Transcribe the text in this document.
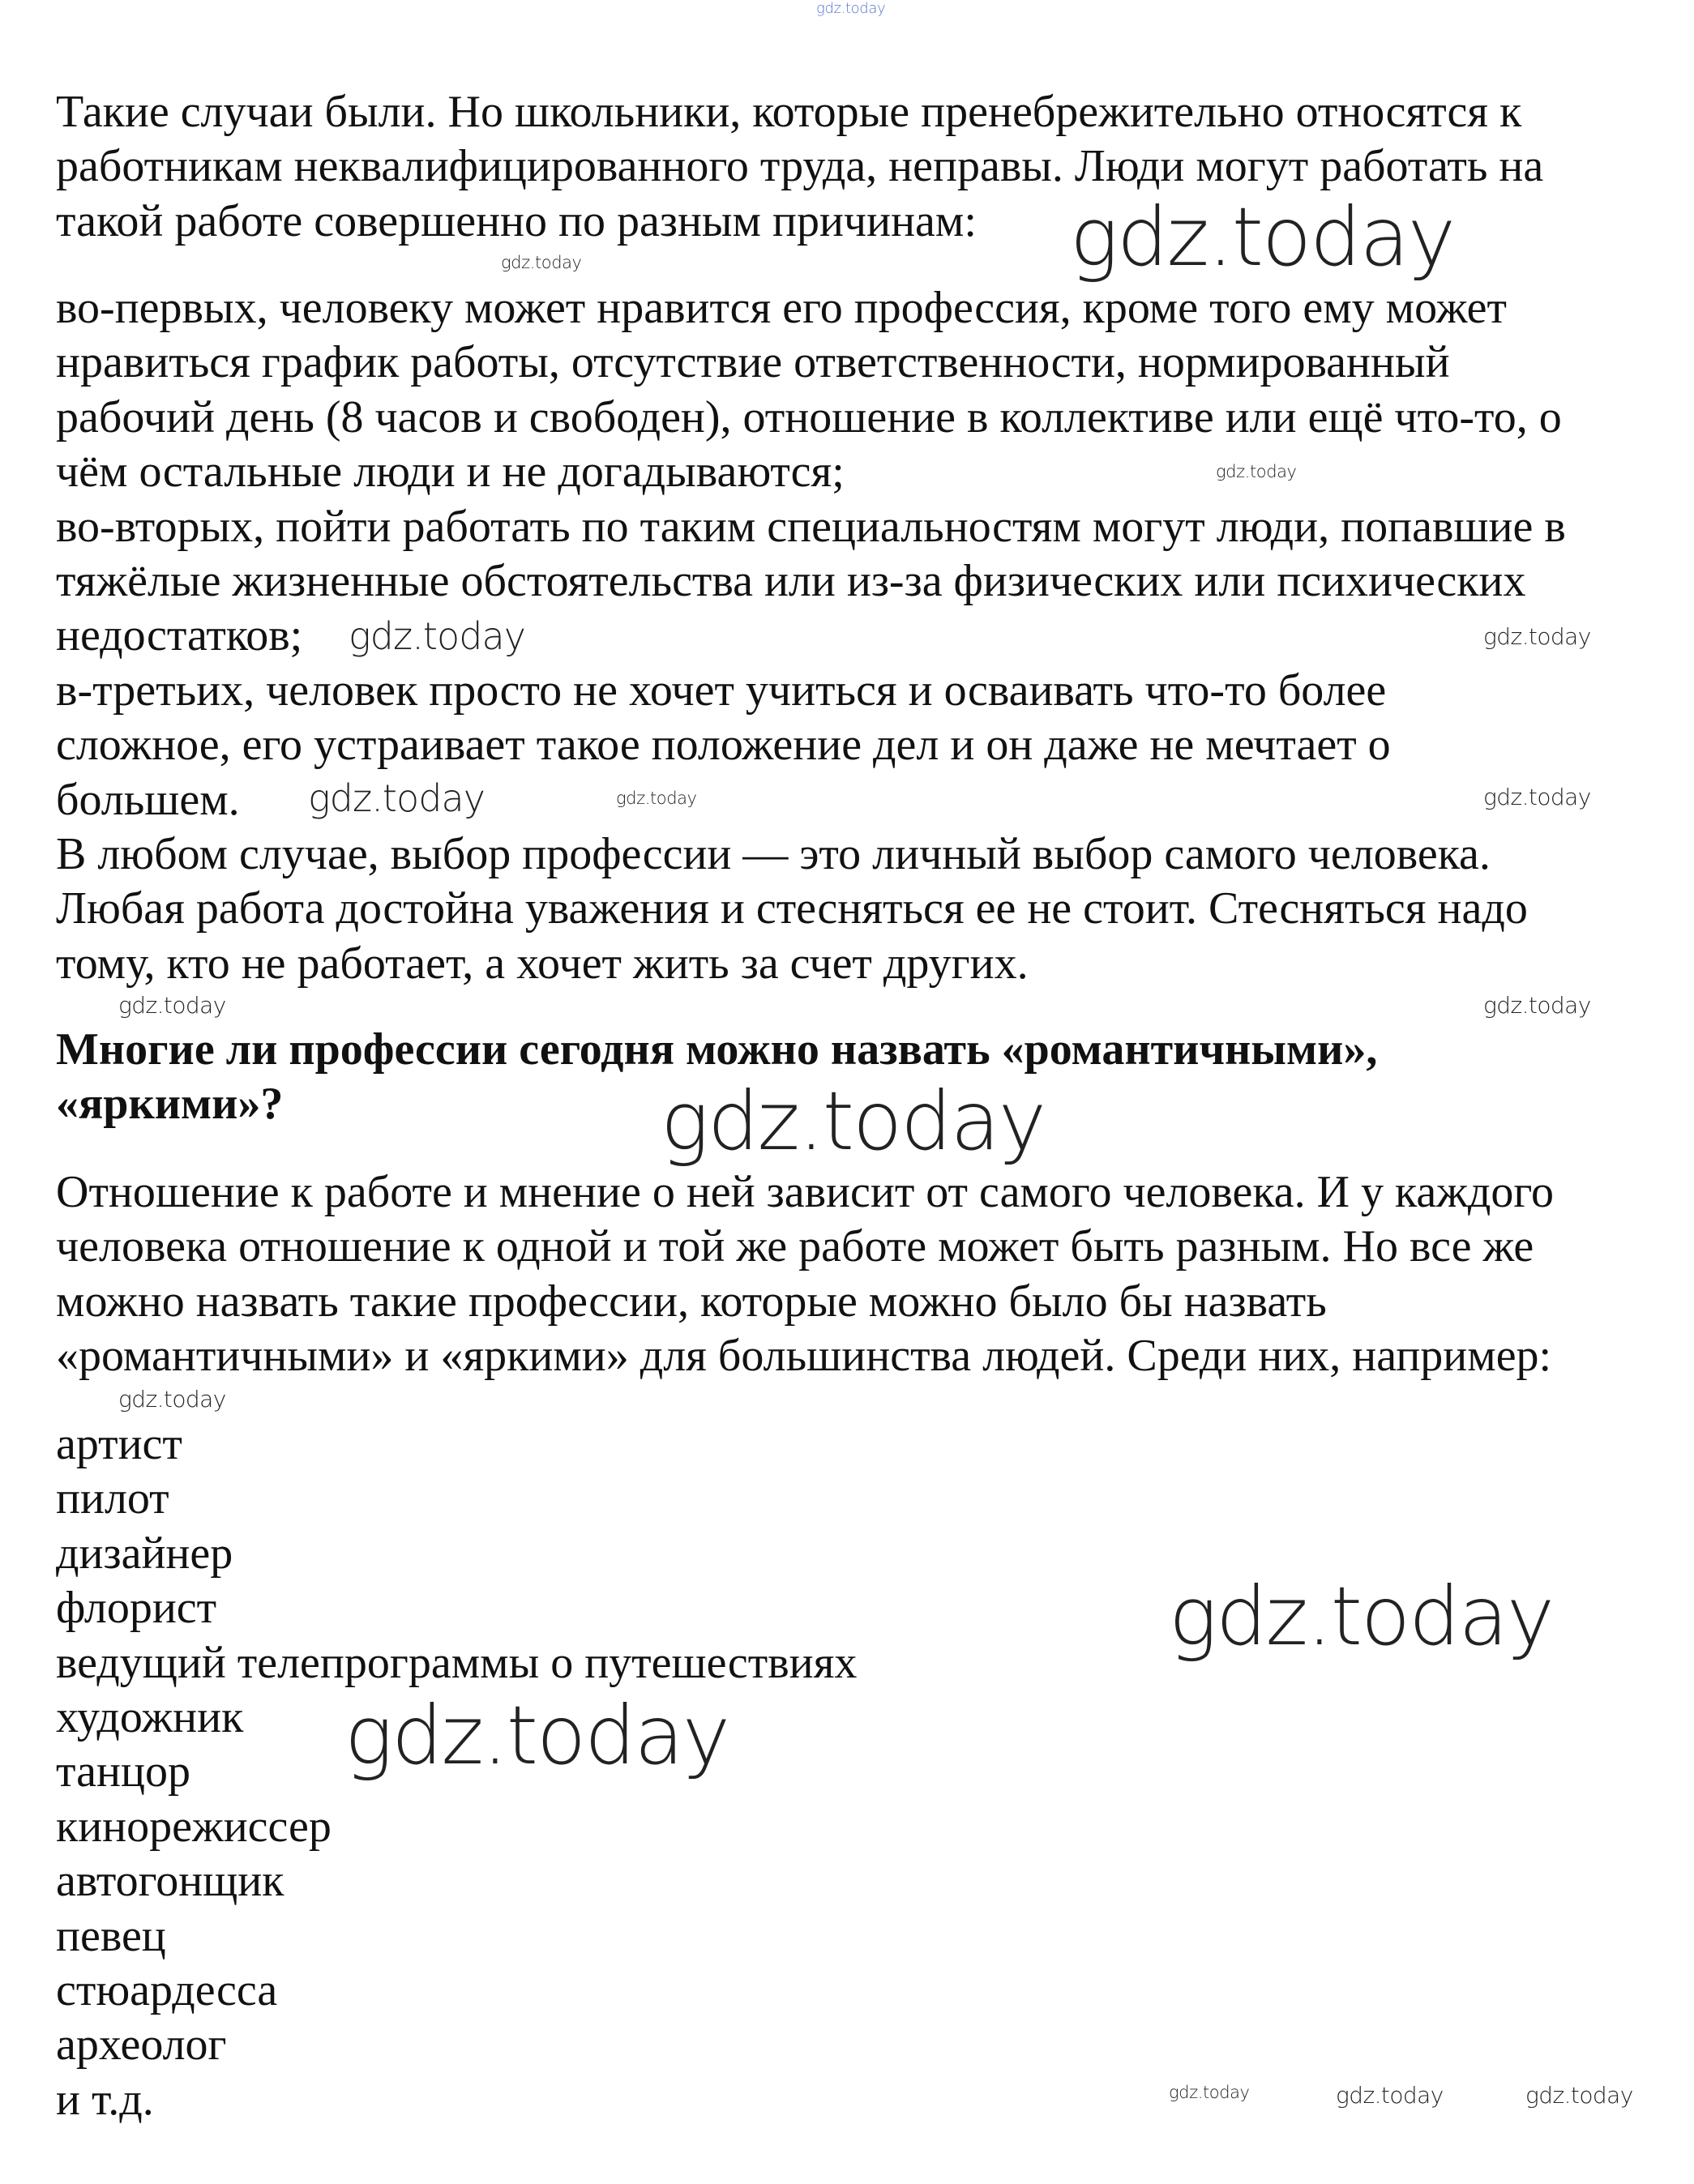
Такие случаи были. Но школьники, которые пренебрежительно относятся к
работникам неквалифицированного труда, неправы. Люди могут работать на
такой работе совершенно по разным причинам:
во-первых, человеку может нравится его профессия, кроме того ему может
нравиться график работы, отсутствие ответственности, нормированный
рабочий день (8 часов и свободен), отношение в коллективе или ещё что-то, о
чём остальные люди и не догадываются;
во-вторых, пойти работать по таким специальностям могут люди, попавшие в
тяжёлые жизненные обстоятельства или из-за физических или психических
недостатков;
в-третьих, человек просто не хочет учиться и осваивать что-то более
сложное, его устраивает такое положение дел и он даже не мечтает о
большем.
В любом случае, выбор профессии — это личный выбор самого человека.
Любая работа достойна уважения и стесняться ее не стоит. Стесняться надо
тому, кто не работает, а хочет жить за счет других.
Многие ли профессии сегодня можно назвать «романтичными»,
«яркими»?
Отношение к работе и мнение о ней зависит от самого человека. И у каждого
человека отношение к одной и той же работе может быть разным. Но все же
можно назвать такие профессии, которые можно было бы назвать
«романтичными» и «яркими» для большинства людей. Среди них, например:
артист
пилот
дизайнер
флорист
ведущий телепрограммы о путешествиях
художник
танцор
кинорежиссер
автогонщик
певец
стюардесса
археолог
и т.д.
gdz.today
gdz.today
gdz.today
gdz.today
gdz.today	gdz.today
gdz.today	gdz.today	gdz.today
gdz.today	gdz.today
gdz.today
gdz.today
gdz.today
gdz.today
gdz.today	gdz.today	gdz.today
